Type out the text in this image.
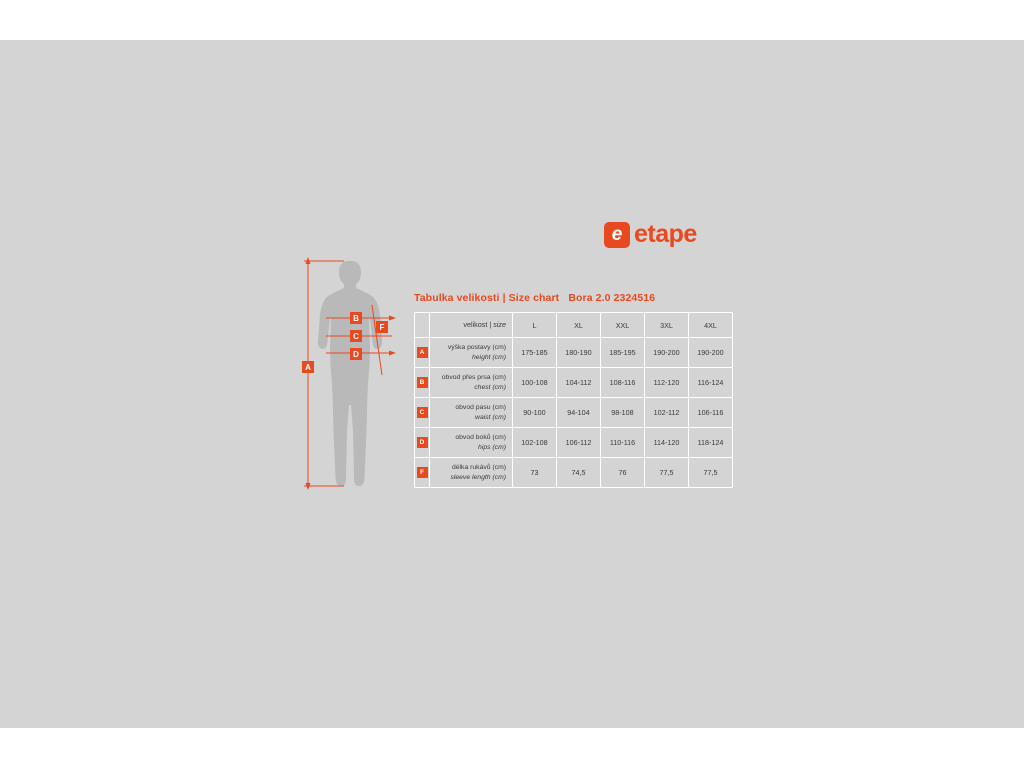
e etape
A
B
C
D
F
Tabulka velikosti | Size chart Bora 2.0 2324516
	velikost | size	L	XL	XXL	3XL	4XL

A	výška postavy (cm)
height (cm)	175-185	180-190	185-195	190-200	190-200

B	obvod přes prsa (cm)
chest (cm)	100-108	104-112	108-116	112-120	116-124

C	obvod pasu (cm)
waist (cm)	90-100	94-104	98-108	102-112	106-116

D	obvod boků (cm)
hips (cm)	102-108	106-112	110-116	114-120	118-124

F	délka rukávů (cm)
sleeve length (cm)	73	74,5	76	77,5	77,5
